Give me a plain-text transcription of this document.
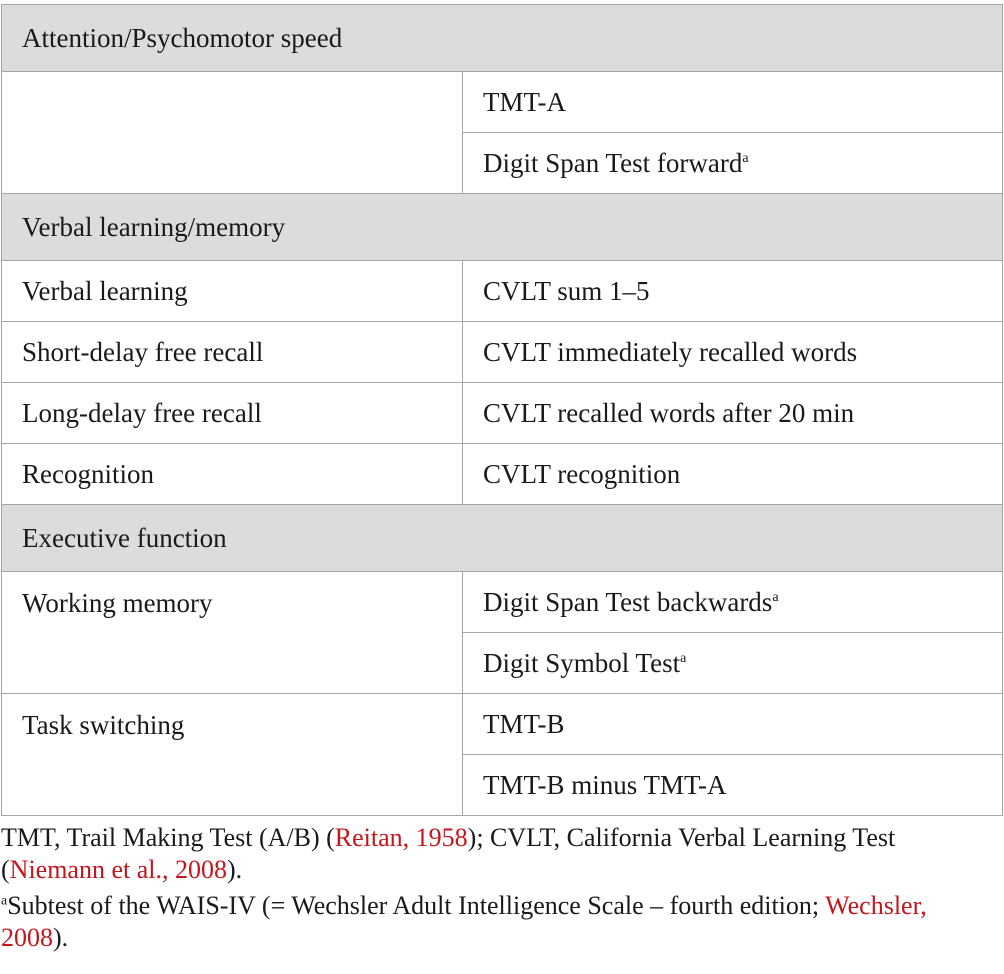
Attention/Psychomotor speed	
	TMT-A
	Digit Span Test forward$^a$
Verbal learning/memory	
Verbal learning	CVLT sum 1–5
Short-delay free recall	CVLT immediately recalled words
Long-delay free recall	CVLT recalled words after 20 min
Recognition	CVLT recognition
Executive function	
Working memory	Digit Span Test backwards$^a$
	Digit Symbol Test$^a$
Task switching	TMT-B
	TMT-B minus TMT-A

TMT, Trail Making Test (A/B) (Reitan, 1958); CVLT, California Verbal Learning Test (Niemann et al., 2008).

$^a$Subtest of the WAIS-IV (= Wechsler Adult Intelligence Scale – fourth edition; Wechsler, 2008).
